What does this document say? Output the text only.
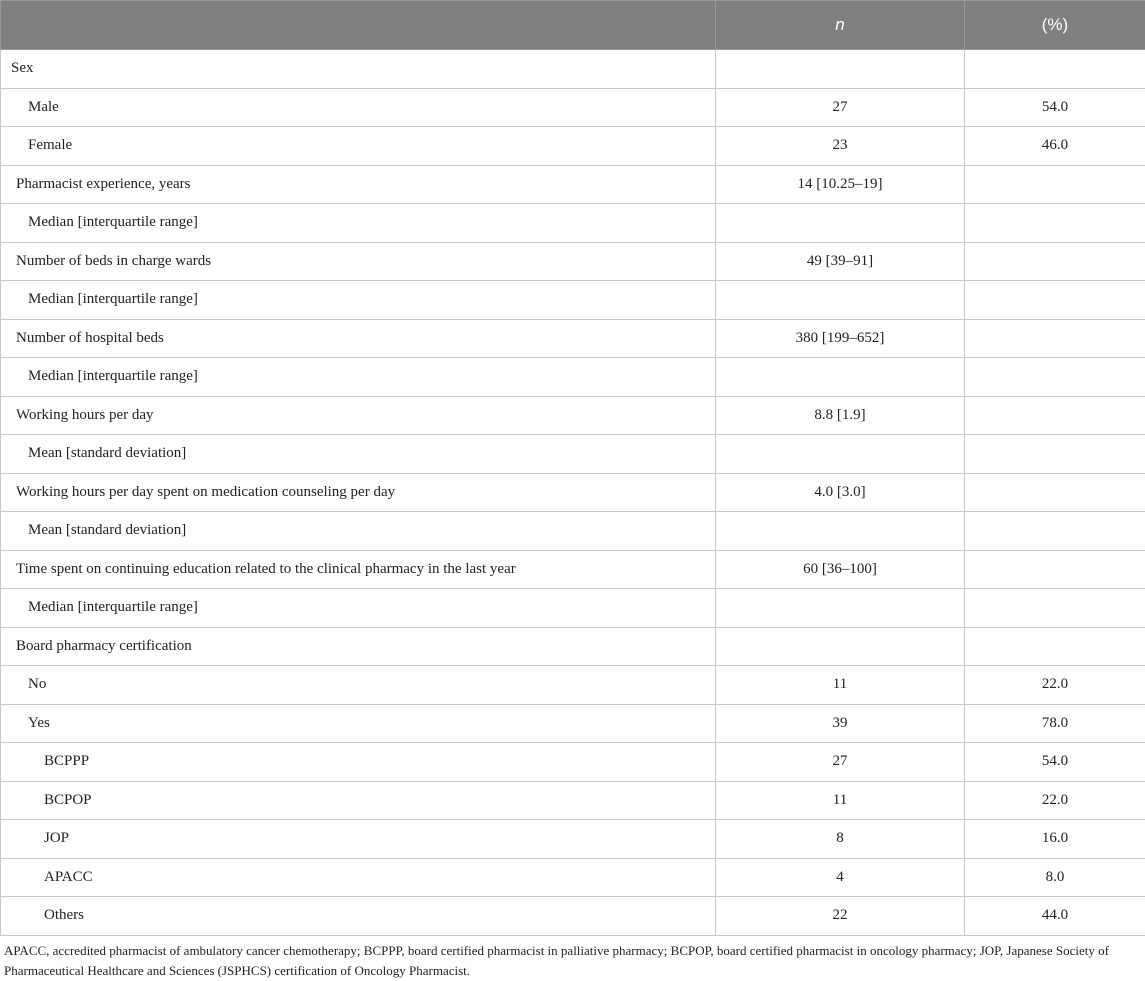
	n	(%)
Sex		
Male	27	54.0
Female	23	46.0
Pharmacist experience, years	14 [10.25–19]	
Median [interquartile range]		
Number of beds in charge wards	49 [39–91]	
Median [interquartile range]		
Number of hospital beds	380 [199–652]	
Median [interquartile range]		
Working hours per day	8.8 [1.9]	
Mean [standard deviation]		
Working hours per day spent on medication counseling per day	4.0 [3.0]	
Mean [standard deviation]		
Time spent on continuing education related to the clinical pharmacy in the last year	60 [36–100]	
Median [interquartile range]		
Board pharmacy certification		
No	11	22.0
Yes	39	78.0
BCPPP	27	54.0
BCPOP	11	22.0
JOP	8	16.0
APACC	4	8.0
Others	22	44.0
APACC, accredited pharmacist of ambulatory cancer chemotherapy; BCPPP, board certified pharmacist in palliative pharmacy; BCPOP, board certified pharmacist in oncology pharmacy; JOP, Japanese Society of Pharmaceutical Healthcare and Sciences (JSPHCS) certification of Oncology Pharmacist.
